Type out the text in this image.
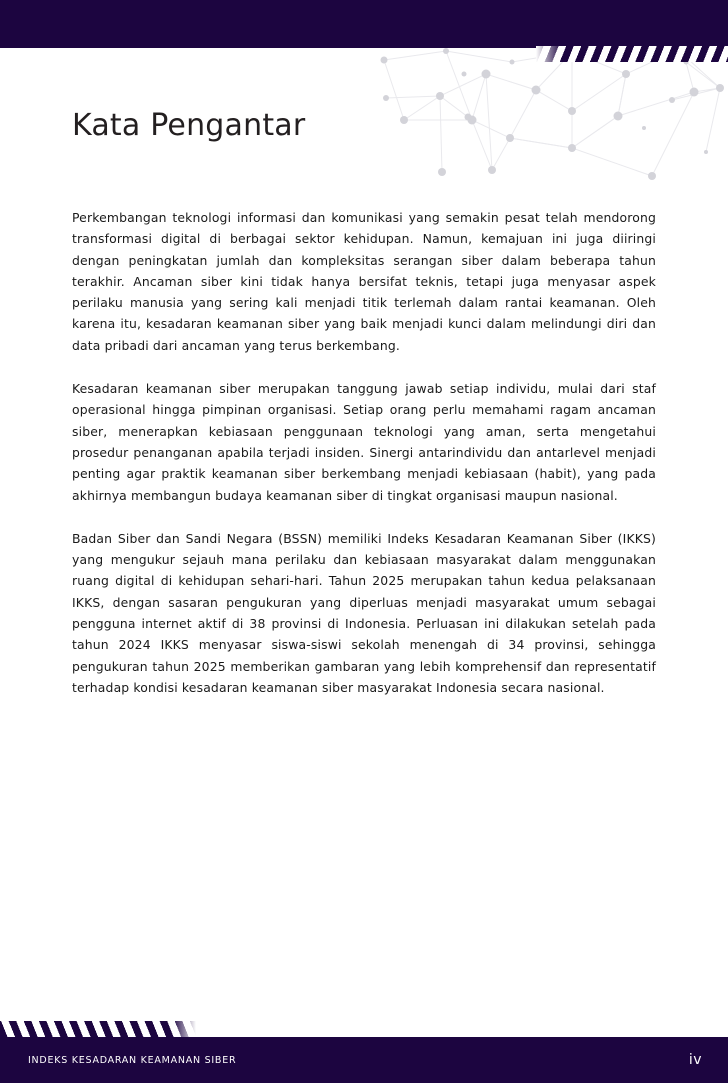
Kata Pengantar

Perkembangan teknologi informasi dan komunikasi yang semakin pesat telah mendorong transformasi digital di berbagai sektor kehidupan. Namun, kemajuan ini juga diiringi dengan peningkatan jumlah dan kompleksitas serangan siber dalam beberapa tahun terakhir. Ancaman siber kini tidak hanya bersifat teknis, tetapi juga menyasar aspek perilaku manusia yang sering kali menjadi titik terlemah dalam rantai keamanan. Oleh karena itu, kesadaran keamanan siber yang baik menjadi kunci dalam melindungi diri dan data pribadi dari ancaman yang terus berkembang.

Kesadaran keamanan siber merupakan tanggung jawab setiap individu, mulai dari staf operasional hingga pimpinan organisasi. Setiap orang perlu memahami ragam ancaman siber, menerapkan kebiasaan penggunaan teknologi yang aman, serta mengetahui prosedur penanganan apabila terjadi insiden. Sinergi antarindividu dan antarlevel menjadi penting agar praktik keamanan siber berkembang menjadi kebiasaan (habit), yang pada akhirnya membangun budaya keamanan siber di tingkat organisasi maupun nasional.

Badan Siber dan Sandi Negara (BSSN) memiliki Indeks Kesadaran Keamanan Siber (IKKS) yang mengukur sejauh mana perilaku dan kebiasaan masyarakat dalam menggunakan ruang digital di kehidupan sehari-hari. Tahun 2025 merupakan tahun kedua pelaksanaan IKKS, dengan sasaran pengukuran yang diperluas menjadi masyarakat umum sebagai pengguna internet aktif di 38 provinsi di Indonesia. Perluasan ini dilakukan setelah pada tahun 2024 IKKS menyasar siswa-siswi sekolah menengah di 34 provinsi, sehingga pengukuran tahun 2025 memberikan gambaran yang lebih komprehensif dan representatif terhadap kondisi kesadaran keamanan siber masyarakat Indonesia secara nasional.

INDEKS KESADARAN KEAMANAN SIBER	iv
